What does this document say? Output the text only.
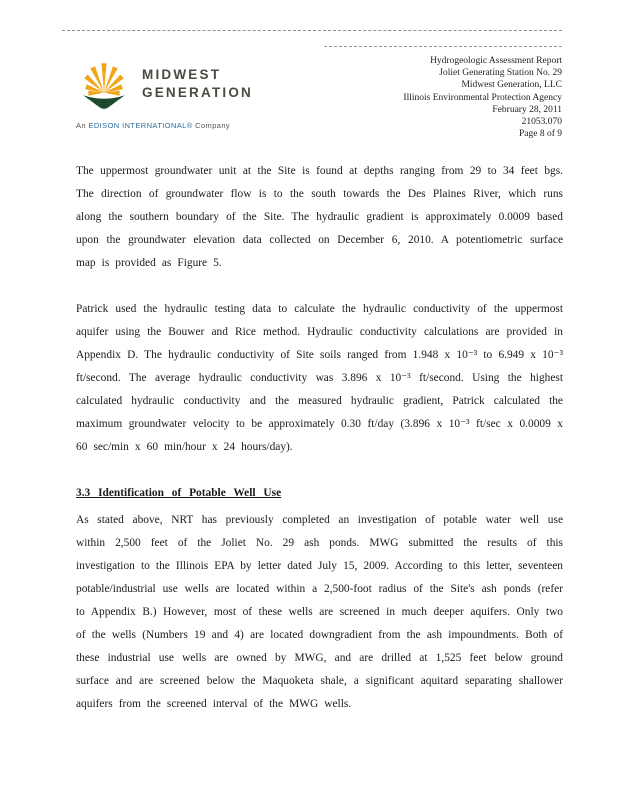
MIDWEST
GENERATION
An EDISON INTERNATIONAL® Company
Hydrogeologic Assessment Report
Joliet Generating Station No. 29
Midwest Generation, LLC
Illinois Environmental Protection Agency
February 28, 2011
21053.070
Page 8 of 9

The uppermost groundwater unit at the Site is found at depths ranging from 29 to 34 feet bgs. The direction of groundwater flow is to the south towards the Des Plaines River, which runs along the southern boundary of the Site. The hydraulic gradient is approximately 0.0009 based upon the groundwater elevation data collected on December 6, 2010. A potentiometric surface map is provided as Figure 5.

Patrick used the hydraulic testing data to calculate the hydraulic conductivity of the uppermost aquifer using the Bouwer and Rice method. Hydraulic conductivity calculations are provided in Appendix D. The hydraulic conductivity of Site soils ranged from 1.948 x 10⁻³ to 6.949 x 10⁻³ ft/second. The average hydraulic conductivity was 3.896 x 10⁻³ ft/second. Using the highest calculated hydraulic conductivity and the measured hydraulic gradient, Patrick calculated the maximum groundwater velocity to be approximately 0.30 ft/day (3.896 x 10⁻³ ft/sec x 0.0009 x 60 sec/min x 60 min/hour x 24 hours/day).

3.3 Identification of Potable Well Use

As stated above, NRT has previously completed an investigation of potable water well use within 2,500 feet of the Joliet No. 29 ash ponds. MWG submitted the results of this investigation to the Illinois EPA by letter dated July 15, 2009. According to this letter, seventeen potable/industrial use wells are located within a 2,500-foot radius of the Site's ash ponds (refer to Appendix B.) However, most of these wells are screened in much deeper aquifers. Only two of the wells (Numbers 19 and 4) are located downgradient from the ash impoundments. Both of these industrial use wells are owned by MWG, and are drilled at 1,525 feet below ground surface and are screened below the Maquoketa shale, a significant aquitard separating shallower aquifers from the screened interval of the MWG wells.
